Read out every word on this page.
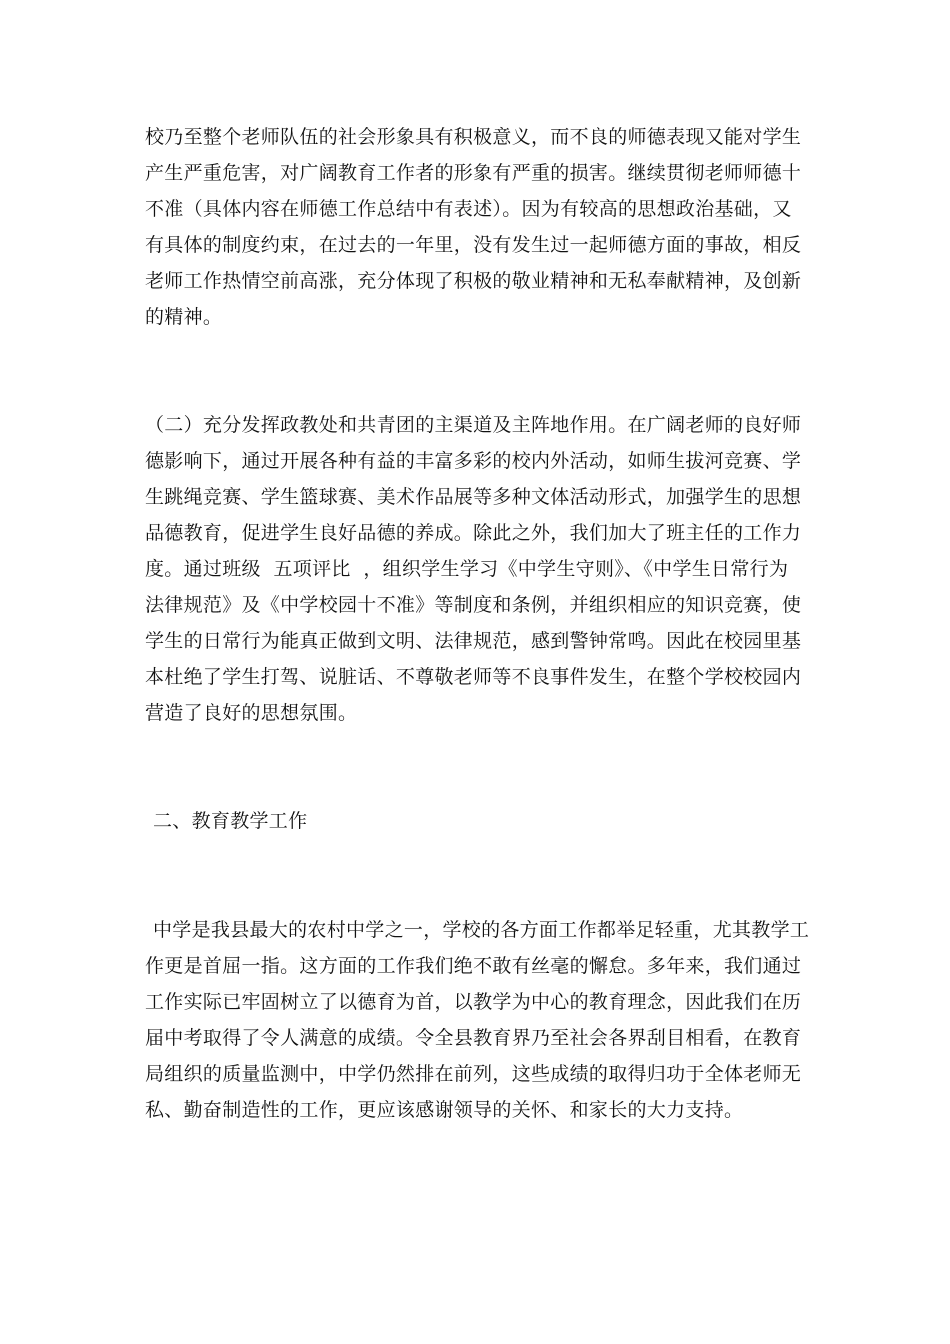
校乃至整个老师队伍的社会形象具有积极意义，而不良的师德表现又能对学生
产生严重危害，对广阔教育工作者的形象有严重的损害。继续贯彻老师师德十
不准（具体内容在师德工作总结中有表述）。因为有较高的思想政治基础，又
有具体的制度约束，在过去的一年里，没有发生过一起师德方面的事故，相反
老师工作热情空前高涨，充分体现了积极的敬业精神和无私奉献精神，及创新
的精神。
（二）充分发挥政教处和共青团的主渠道及主阵地作用。在广阔老师的良好师
德影响下，通过开展各种有益的丰富多彩的校内外活动，如师生拔河竞赛、学
生跳绳竞赛、学生篮球赛、美术作品展等多种文体活动形式，加强学生的思想
品德教育，促进学生良好品德的养成。除此之外，我们加大了班主任的工作力
度。通过班级  五项评比  ，组织学生学习《中学生守则》、《中学生日常行为
法律规范》及《中学校园十不准》等制度和条例，并组织相应的知识竞赛，使
学生的日常行为能真正做到文明、法律规范，感到警钟常鸣。因此在校园里基
本杜绝了学生打驾、说脏话、不尊敬老师等不良事件发生，在整个学校校园内
营造了良好的思想氛围。
二、教育教学工作
中学是我县最大的农村中学之一，学校的各方面工作都举足轻重，尤其教学工
作更是首屈一指。这方面的工作我们绝不敢有丝毫的懈怠。多年来，我们通过
工作实际已牢固树立了以德育为首，以教学为中心的教育理念，因此我们在历
届中考取得了令人满意的成绩。令全县教育界乃至社会各界刮目相看，在教育
局组织的质量监测中，中学仍然排在前列，这些成绩的取得归功于全体老师无
私、勤奋制造性的工作，更应该感谢领导的关怀、和家长的大力支持。
